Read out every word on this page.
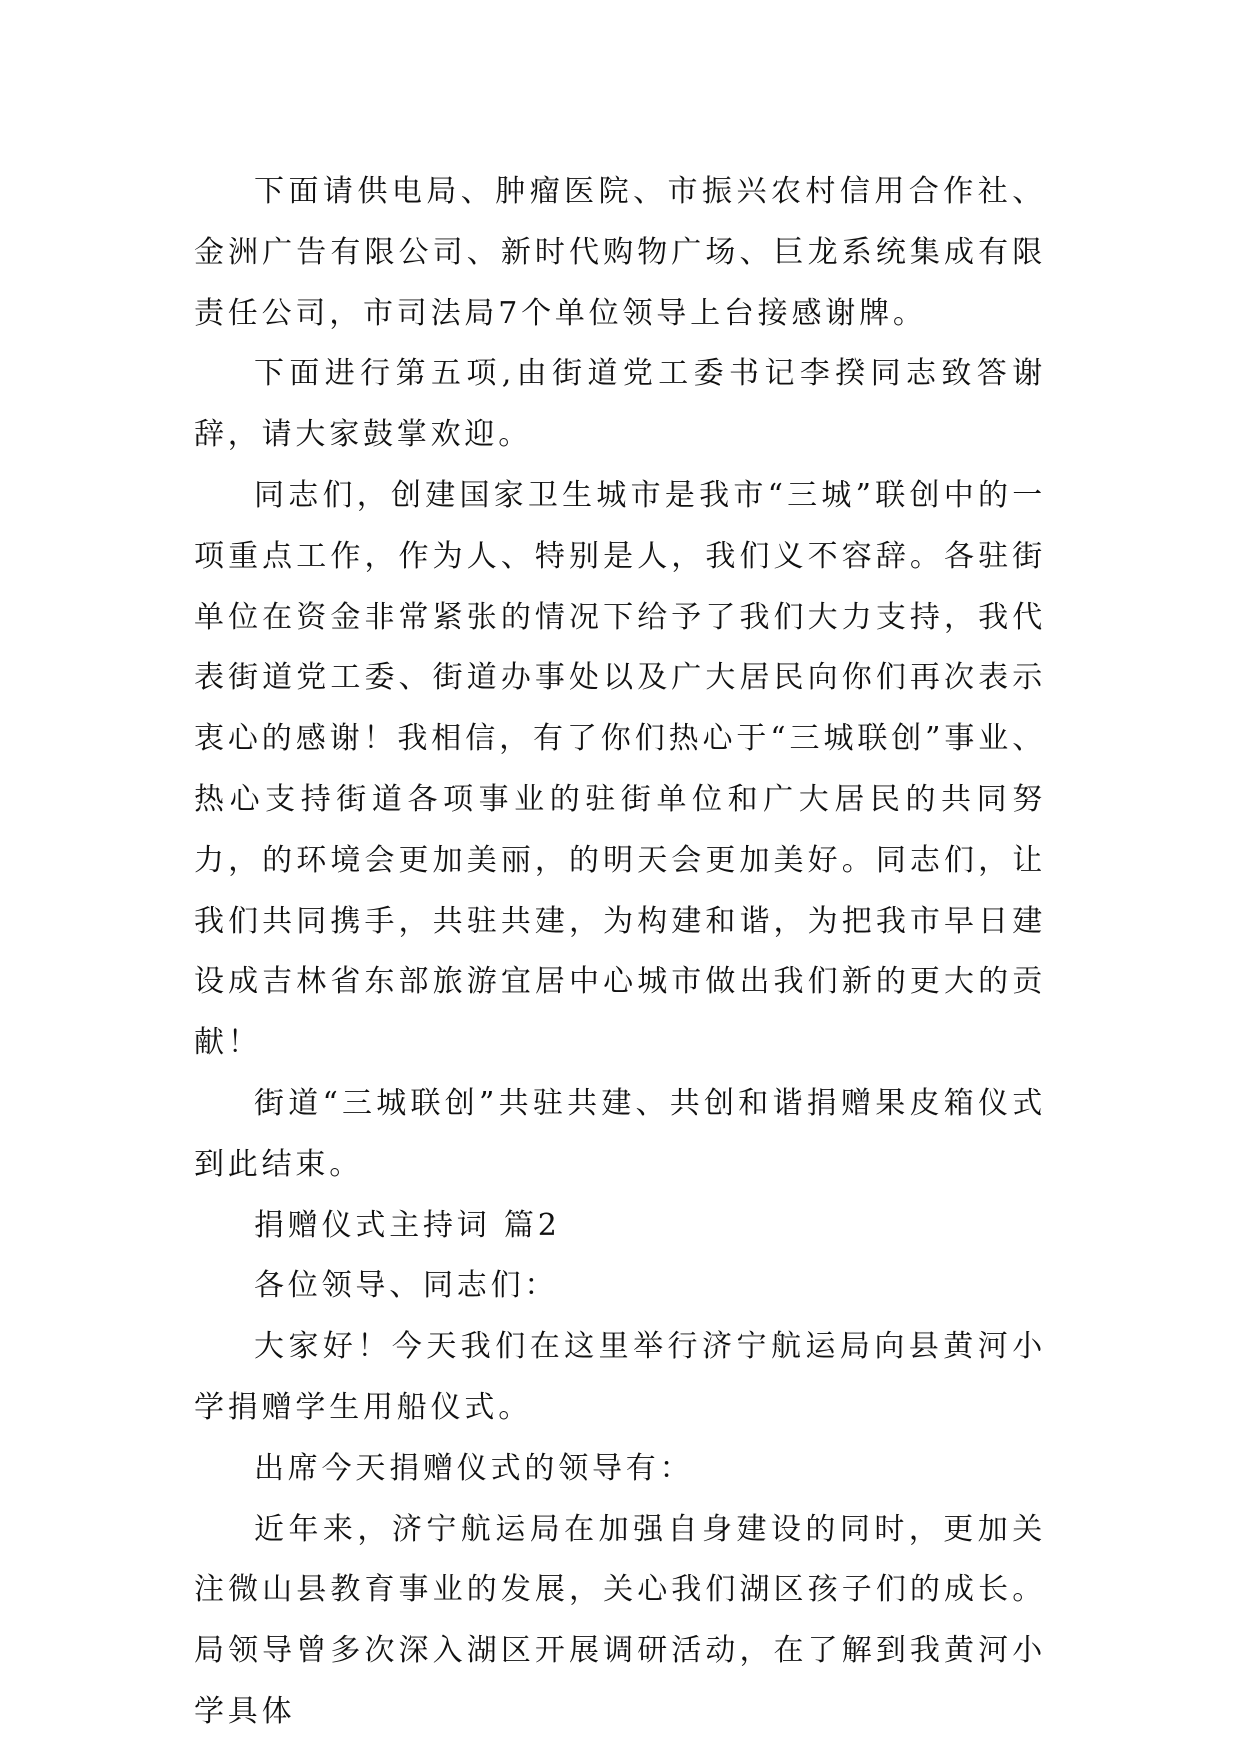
下面请供电局、肿瘤医院、市振兴农村信用合作社、金洲广告有限公司、新时代购物广场、巨龙系统集成有限责任公司，市司法局7个单位领导上台接感谢牌。

下面进行第五项,由街道党工委书记李揆同志致答谢辞，请大家鼓掌欢迎。

同志们，创建国家卫生城市是我市“三城”联创中的一项重点工作，作为人、特别是人，我们义不容辞。各驻街单位在资金非常紧张的情况下给予了我们大力支持，我代表街道党工委、街道办事处以及广大居民向你们再次表示衷心的感谢！我相信，有了你们热心于“三城联创”事业、热心支持街道各项事业的驻街单位和广大居民的共同努力，的环境会更加美丽，的明天会更加美好。同志们，让我们共同携手，共驻共建，为构建和谐，为把我市早日建设成吉林省东部旅游宜居中心城市做出我们新的更大的贡献！

街道“三城联创”共驻共建、共创和谐捐赠果皮箱仪式到此结束。

捐赠仪式主持词 篇2

各位领导、同志们：

大家好！今天我们在这里举行济宁航运局向县黄河小学捐赠学生用船仪式。

出席今天捐赠仪式的领导有：

近年来，济宁航运局在加强自身建设的同时，更加关注微山县教育事业的发展，关心我们湖区孩子们的成长。局领导曾多次深入湖区开展调研活动，在了解到我黄河小学具体
